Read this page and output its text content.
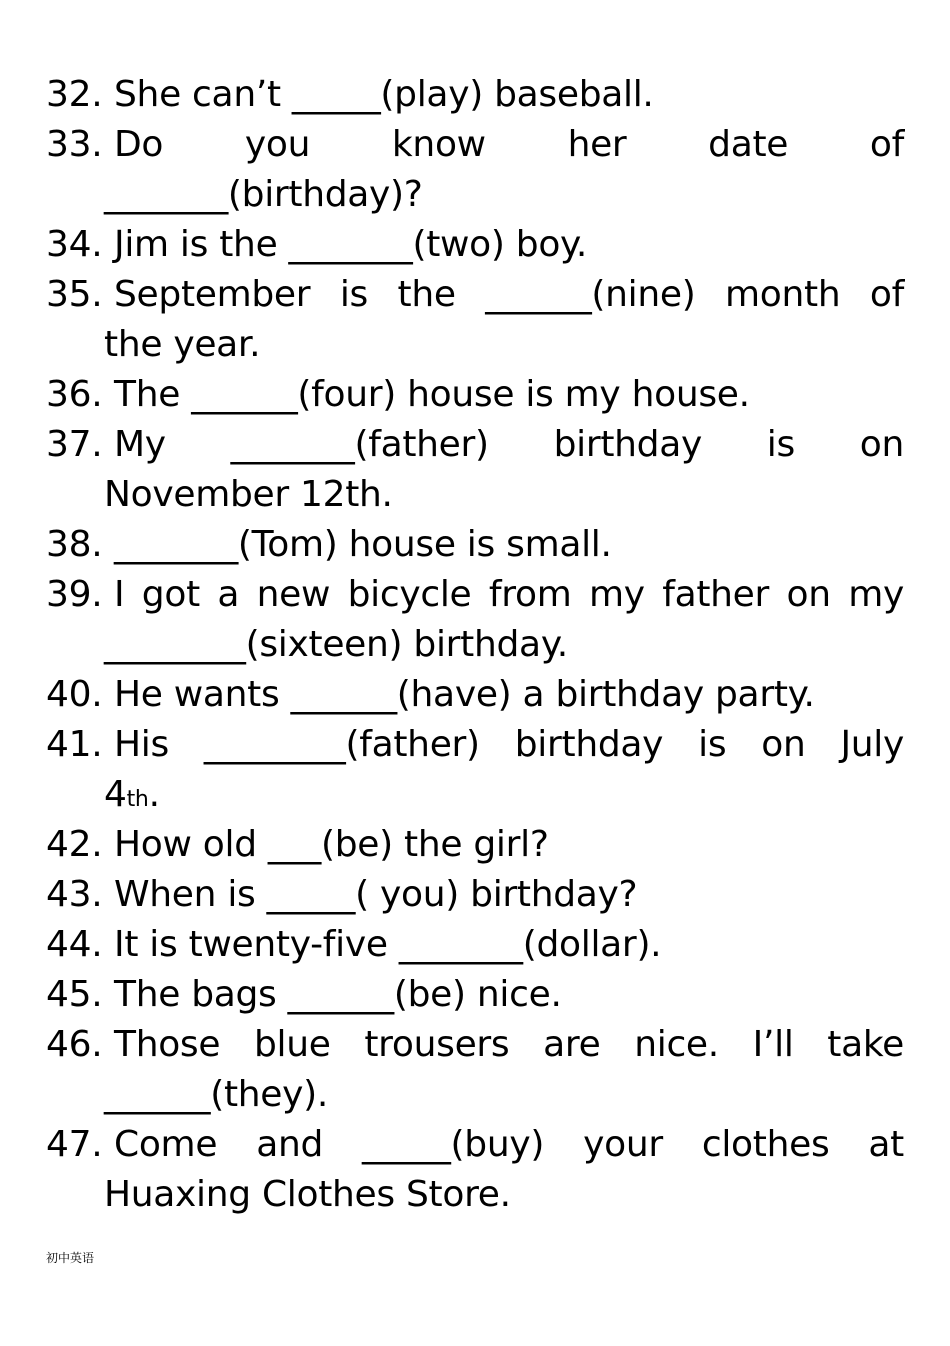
32. She can’t _____(play) baseball.
33. Do you know her date of
_______(birthday)?
34. Jim is the _______(two) boy.
35. September is the ______(nine) month of
the year.
36. The ______(four) house is my house.
37. My _______(father) birthday is on
November 12th.
38. _______(Tom) house is small.
39. I got a new bicycle from my father on my
________(sixteen) birthday.
40. He wants ______(have) a birthday party.
41. His ________(father) birthday is on July
4th.
42. How old ___(be) the girl?
43. When is _____( you) birthday?
44. It is twenty-five _______(dollar).
45. The bags ______(be) nice.
46. Those blue trousers are nice. I’ll take
______(they).
47. Come and _____(buy) your clothes at
Huaxing Clothes Store.
初中英语
